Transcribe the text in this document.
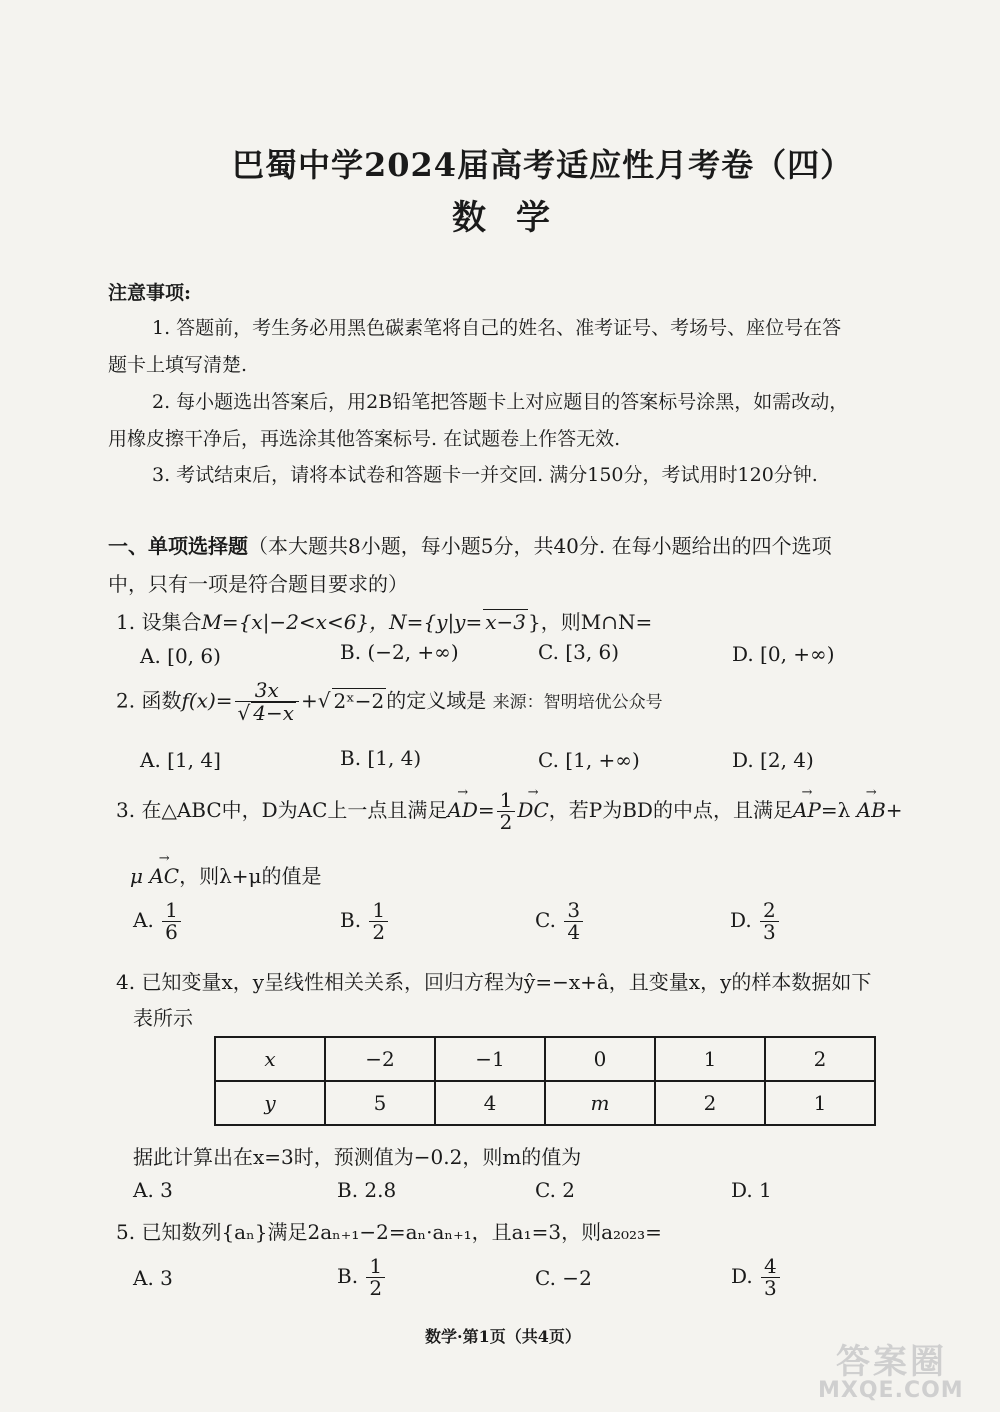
巴蜀中学2024届高考适应性月考卷（四）
数学
注意事项:
1. 答题前，考生务必用黑色碳素笔将自己的姓名、准考证号、考场号、座位号在答
题卡上填写清楚.
2. 每小题选出答案后，用2B铅笔把答题卡上对应题目的答案标号涂黑，如需改动，
用橡皮擦干净后，再选涂其他答案标号. 在试题卷上作答无效.
3. 考试结束后，请将本试卷和答题卡一并交回. 满分150分，考试用时120分钟.
一、单项选择题（本大题共8小题，每小题5分，共40分. 在每小题给出的四个选项
中，只有一项是符合题目要求的）
1. 设集合M={x|−2<x<6}，N={y|y= x−3 }，则M∩N=
A. [0, 6)	B. (−2, +∞)	C. [3, 6)	D. [0, +∞)
2. 函数$f(x)= \frac{3x}{√ 4-x}$ +√ 2ˣ−2 的定义域是 来源：智明培优公众号
A. [1, 4]	B. [1, 4)	C. [1, +∞)	D. [2, 4)
3. 在△ABC中，D为AC上一点且满足→ $AD= \frac{1}{2}$ → DC，若P为BD的中点，且满足→ AP=λ → AB+
μ → AC，则λ+μ的值是
A. $\frac{1}{6}$	B. $\frac{1}{2}$	C. $\frac{3}{4}$	D. $\frac{2}{3}$
4. 已知变量x，y呈线性相关关系，回归方程为ŷ=−x+â，且变量x，y的样本数据如下
表所示
x	−2	−1	0	1	2
y	5	4	m	2	1
据此计算出在x=3时，预测值为−0.2，则m的值为
A. 3	B. 2.8	C. 2	D. 1
5. 已知数列{aₙ}满足2aₙ₊₁−2=aₙ·aₙ₊₁，且a₁=3，则a₂₀₂₃=
A. 3	B. $\frac{1}{2}$	C. −2	D. $\frac{4}{3}$
数学·第1页（共4页）
答案圈
MXQE.COM
